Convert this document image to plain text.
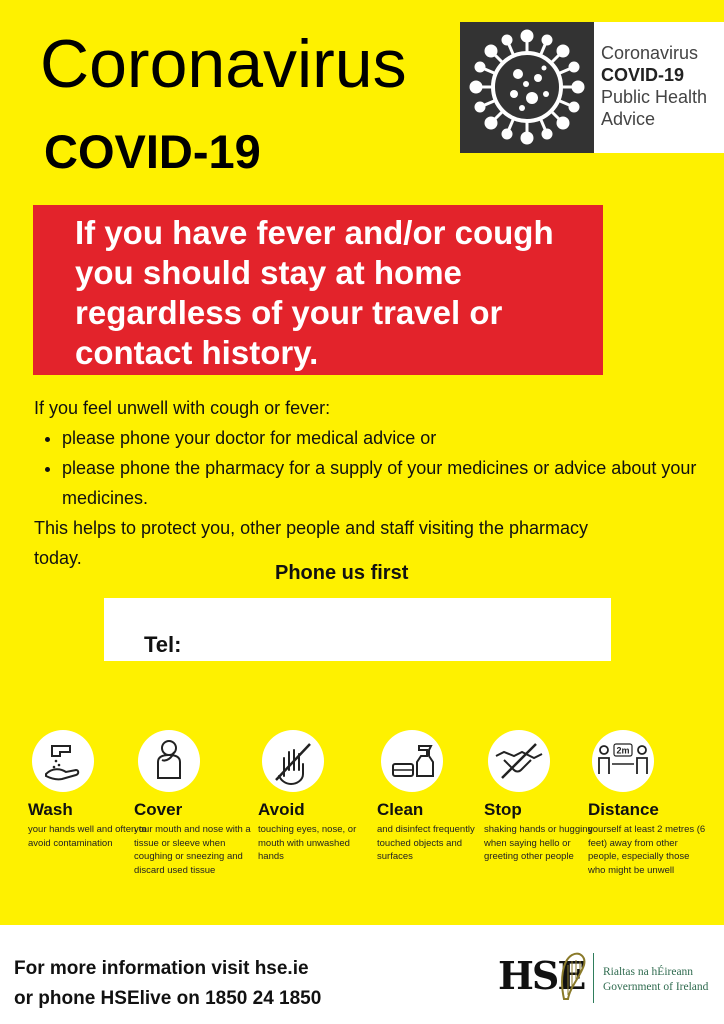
Coronavirus
COVID-19
Coronavirus
COVID-19
Public Health
Advice
If you have fever and/or cough you should stay at home regardless of your travel or contact history.
If you feel unwell with cough or fever:
• please phone your doctor for medical advice or
• please phone the pharmacy for a supply of your medicines or advice about your medicines.
This helps to protect you, other people and staff visiting the pharmacy today.
Phone us first
Tel:
Wash
your hands well and often to avoid contamination
Cover
your mouth and nose with a tissue or sleeve when coughing or sneezing and discard used tissue
Avoid
touching eyes, nose, or mouth with unwashed hands
Clean
and disinfect frequently touched objects and surfaces
Stop
shaking hands or hugging when saying hello or greeting other people
2m
Distance
yourself at least 2 metres (6 feet) away from other people, especially those who might be unwell
For more information visit hse.ie
or phone HSElive on 1850 24 1850
HSE Rialtas na hÉireann
Government of Ireland
